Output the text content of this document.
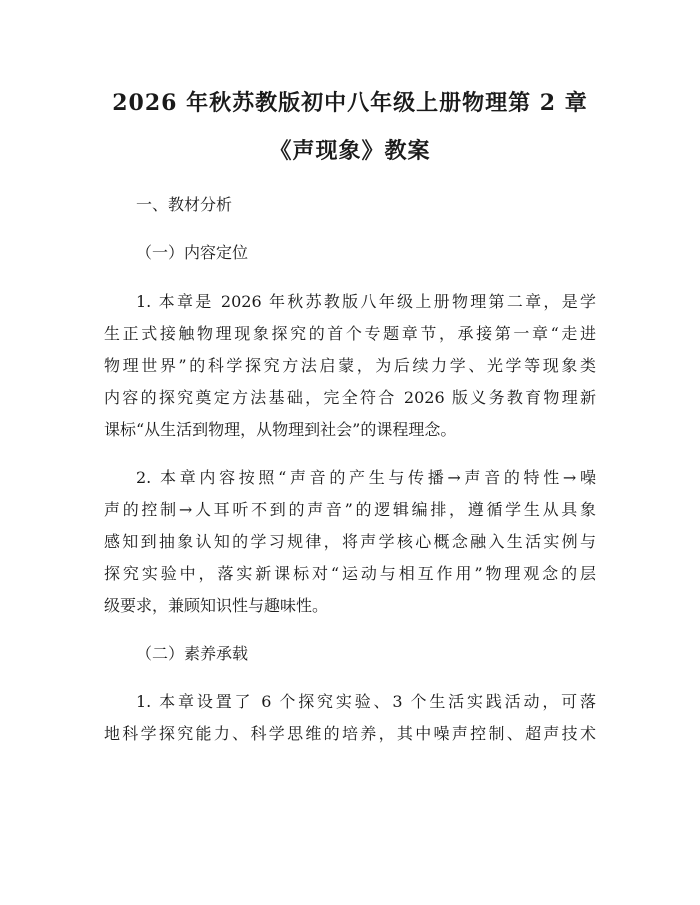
2026 年秋苏教版初中八年级上册物理第 2 章
《声现象》教案

一、教材分析

（一）内容定位

1. 本章是 2026 年秋苏教版八年级上册物理第二章，是学

生正式接触物理现象探究的首个专题章节，承接第一章“走进

物理世界”的科学探究方法启蒙，为后续力学、光学等现象类

内容的探究奠定方法基础，完全符合 2026 版义务教育物理新

课标“从生活到物理，从物理到社会”的课程理念。

2. 本章内容按照“声音的产生与传播→声音的特性→噪

声的控制→人耳听不到的声音”的逻辑编排，遵循学生从具象

感知到抽象认知的学习规律，将声学核心概念融入生活实例与

探究实验中，落实新课标对“运动与相互作用”物理观念的层

级要求，兼顾知识性与趣味性。

（二）素养承载

1. 本章设置了 6 个探究实验、3 个生活实践活动，可落

地科学探究能力、科学思维的培养，其中噪声控制、超声技术
